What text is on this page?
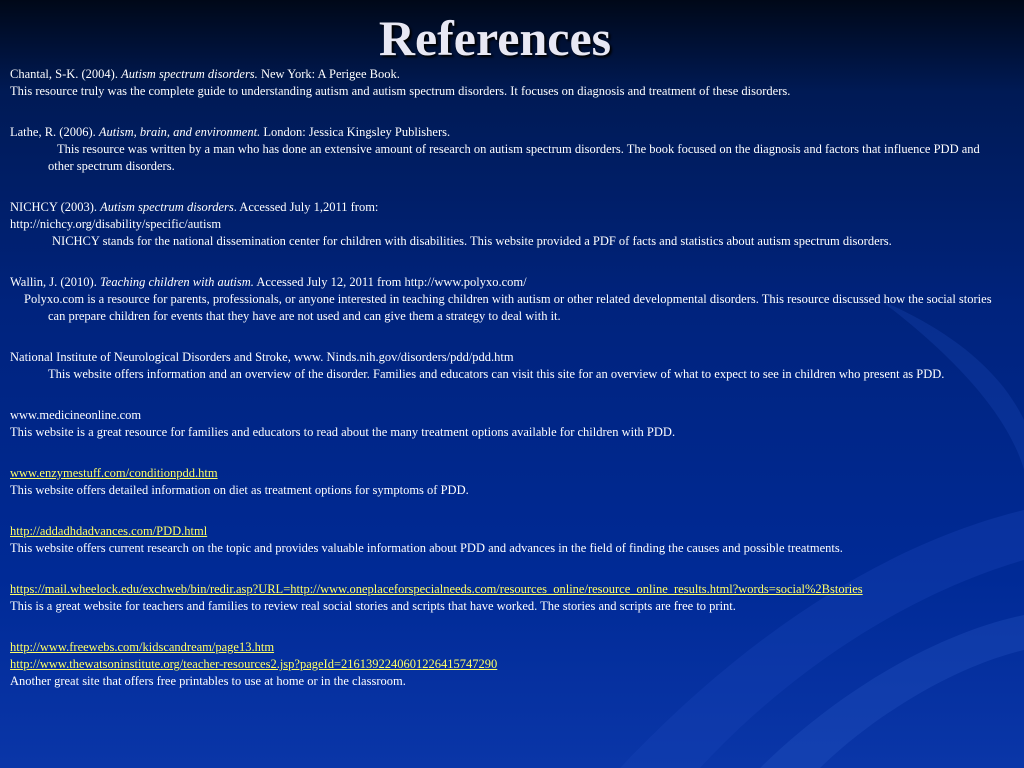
References

Chantal, S-K. (2004). Autism spectrum disorders. New York: A Perigee Book.

This resource truly was the complete guide to understanding autism and autism spectrum disorders. It focuses on diagnosis and treatment of these disorders.

Lathe, R. (2006). Autism, brain, and environment. London: Jessica Kingsley Publishers.

This resource was written by a man who has done an extensive amount of research on autism spectrum disorders. The book focused on the diagnosis and factors that influence PDD and other spectrum disorders.

NICHCY (2003). Autism spectrum disorders. Accessed July 1,2011 from:

http://nichcy.org/disability/specific/autism

NICHCY stands for the national dissemination center for children with disabilities. This website provided a PDF of facts and statistics about autism spectrum disorders.

Wallin, J. (2010). Teaching children with autism. Accessed July 12, 2011 from http://www.polyxo.com/

Polyxo.com is a resource for parents, professionals, or anyone interested in teaching children with autism or other related developmental disorders. This resource discussed how the social stories can prepare children for events that they have are not used and can give them a strategy to deal with it.

National Institute of Neurological Disorders and Stroke, www. Ninds.nih.gov/disorders/pdd/pdd.htm

This website offers information and an overview of the disorder. Families and educators can visit this site for an overview of what to expect to see in children who present as PDD.

www.medicineonline.com

This website is a great resource for families and educators to read about the many treatment options available for children with PDD.

www.enzymestuff.com/conditionpdd.htm

This website offers detailed information on diet as treatment options for symptoms of PDD.

http://addadhdadvances.com/PDD.html

This website offers current research on the topic and provides valuable information about PDD and advances in the field of finding the causes and possible treatments.

https://mail.wheelock.edu/exchweb/bin/redir.asp?URL=http://www.oneplaceforspecialneeds.com/resources_online/resource_online_results.html?words=social%2Bstories

This is a great website for teachers and families to review real social stories and scripts that have worked. The stories and scripts are free to print.

http://www.freewebs.com/kidscandream/page13.htm

http://www.thewatsoninstitute.org/teacher-resources2.jsp?pageId=2161392240601226415747290

Another great site that offers free printables to use at home or in the classroom.
